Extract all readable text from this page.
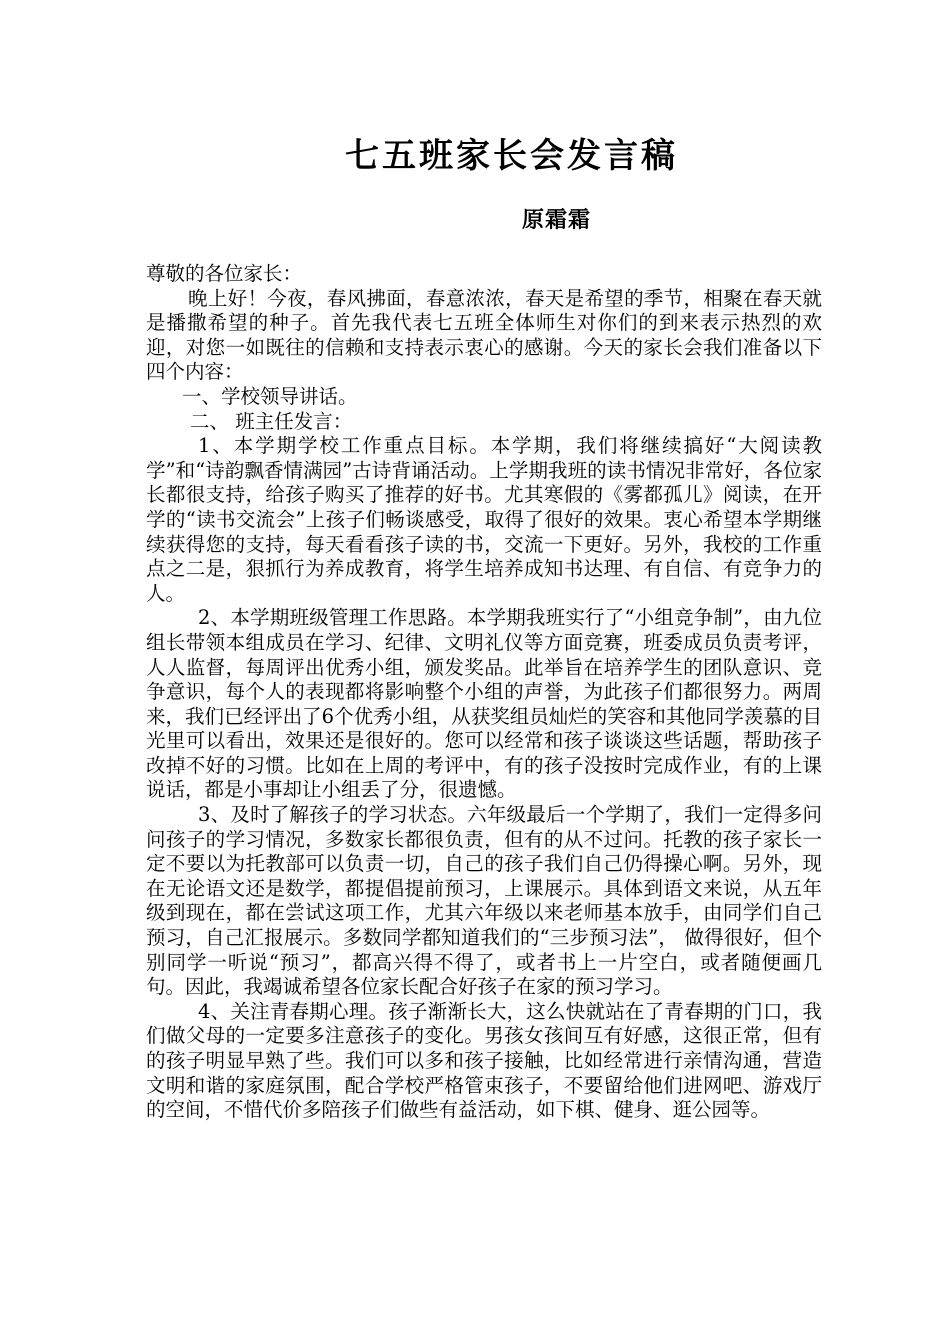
七五班家长会发言稿
原霜霜

尊敬的各位家长：

晚上好！今夜，春风拂面，春意浓浓，春天是希望的季节，相聚在春天就是播撒希望的种子。首先我代表七五班全体师生对你们的到来表示热烈的欢迎，对您一如既往的信赖和支持表示衷心的感谢。今天的家长会我们准备以下四个内容：

一、学校领导讲话。

二、 班主任发言：

1、本学期学校工作重点目标。本学期，我们将继续搞好“大阅读教学”和“诗韵飘香情满园”古诗背诵活动。上学期我班的读书情况非常好，各位家长都很支持，给孩子购买了推荐的好书。尤其寒假的《雾都孤儿》阅读，在开学的“读书交流会”上孩子们畅谈感受，取得了很好的效果。衷心希望本学期继续获得您的支持，每天看看孩子读的书，交流一下更好。另外，我校的工作重点之二是，狠抓行为养成教育，将学生培养成知书达理、有自信、有竞争力的人。

2、本学期班级管理工作思路。本学期我班实行了“小组竞争制”，由九位组长带领本组成员在学习、纪律、文明礼仪等方面竞赛，班委成员负责考评，人人监督，每周评出优秀小组，颁发奖品。此举旨在培养学生的团队意识、竞争意识，每个人的表现都将影响整个小组的声誉，为此孩子们都很努力。两周来，我们已经评出了6个优秀小组，从获奖组员灿烂的笑容和其他同学羡慕的目光里可以看出，效果还是很好的。您可以经常和孩子谈谈这些话题，帮助孩子改掉不好的习惯。比如在上周的考评中，有的孩子没按时完成作业，有的上课说话，都是小事却让小组丢了分，很遗憾。

3、及时了解孩子的学习状态。六年级最后一个学期了，我们一定得多问问孩子的学习情况，多数家长都很负责，但有的从不过问。托教的孩子家长一定不要以为托教部可以负责一切，自己的孩子我们自己仍得操心啊。另外，现在无论语文还是数学，都提倡提前预习，上课展示。具体到语文来说，从五年级到现在，都在尝试这项工作，尤其六年级以来老师基本放手，由同学们自己预习，自己汇报展示。多数同学都知道我们的“三步预习法”， 做得很好，但个别同学一听说“预习”，都高兴得不得了，或者书上一片空白，或者随便画几句。因此，我竭诚希望各位家长配合好孩子在家的预习学习。

4、关注青春期心理。孩子渐渐长大，这么快就站在了青春期的门口，我们做父母的一定要多注意孩子的变化。男孩女孩间互有好感，这很正常，但有的孩子明显早熟了些。我们可以多和孩子接触，比如经常进行亲情沟通，营造文明和谐的家庭氛围，配合学校严格管束孩子，不要留给他们进网吧、游戏厅的空间，不惜代价多陪孩子们做些有益活动，如下棋、健身、逛公园等。
